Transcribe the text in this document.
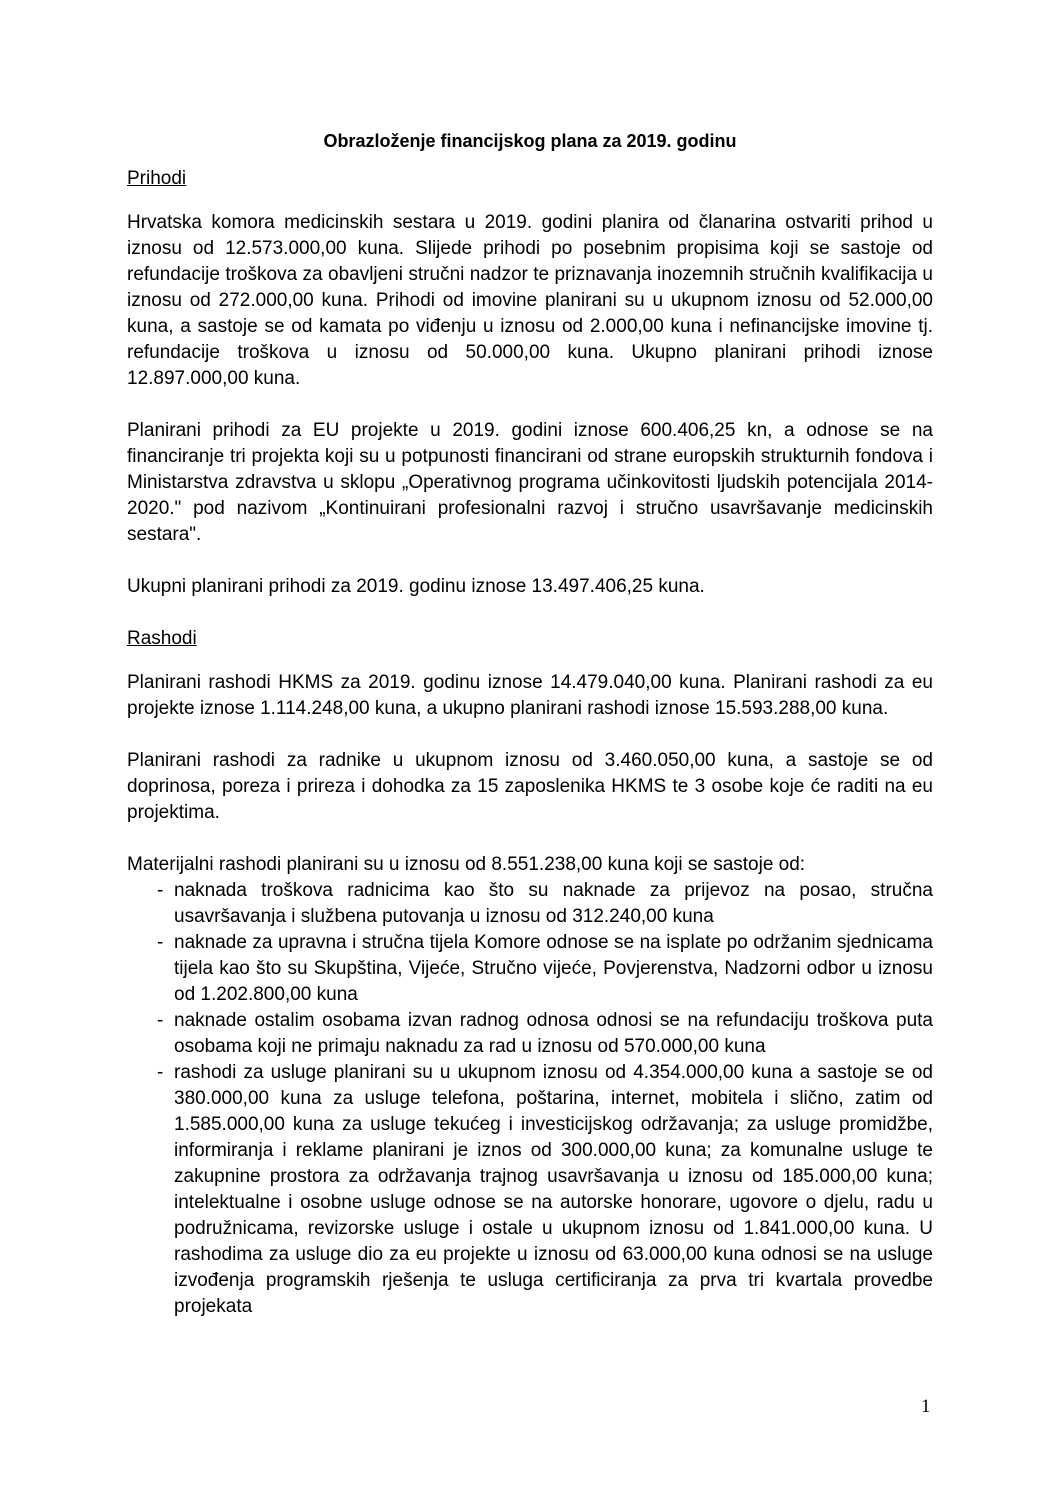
Obrazloženje financijskog plana za 2019. godinu
Prihodi

Hrvatska komora medicinskih sestara u 2019. godini planira od članarina ostvariti prihod u iznosu od 12.573.000,00 kuna. Slijede prihodi po posebnim propisima koji se sastoje od refundacije troškova za obavljeni stručni nadzor te priznavanja inozemnih stručnih kvalifikacija u iznosu od 272.000,00 kuna. Prihodi od imovine planirani su u ukupnom iznosu od 52.000,00 kuna, a sastoje se od kamata po viđenju u iznosu od 2.000,00 kuna i nefinancijske imovine tj. refundacije troškova u iznosu od 50.000,00 kuna. Ukupno planirani prihodi iznose 12.897.000,00 kuna.

Planirani prihodi za EU projekte u 2019. godini iznose 600.406,25 kn, a odnose se na financiranje tri projekta koji su u potpunosti financirani od strane europskih strukturnih fondova i Ministarstva zdravstva u sklopu „Operativnog programa učinkovitosti ljudskih potencijala 2014- 2020." pod nazivom „Kontinuirani profesionalni razvoj i stručno usavršavanje medicinskih sestara".

Ukupni planirani prihodi za 2019. godinu iznose 13.497.406,25 kuna.

Rashodi

Planirani rashodi HKMS za 2019. godinu iznose 14.479.040,00 kuna. Planirani rashodi za eu projekte iznose 1.114.248,00 kuna, a ukupno planirani rashodi iznose 15.593.288,00 kuna.

Planirani rashodi za radnike u ukupnom iznosu od 3.460.050,00 kuna, a sastoje se od doprinosa, poreza i prireza i dohodka za 15 zaposlenika HKMS te 3 osobe koje će raditi na eu projektima.

Materijalni rashodi planirani su u iznosu od 8.551.238,00 kuna koji se sastoje od:

- naknada troškova radnicima kao što su naknade za prijevoz na posao, stručna usavršavanja i službena putovanja u iznosu od 312.240,00 kuna
- naknade za upravna i stručna tijela Komore odnose se na isplate po održanim sjednicama tijela kao što su Skupština, Vijeće, Stručno vijeće, Povjerenstva, Nadzorni odbor u iznosu od 1.202.800,00 kuna
- naknade ostalim osobama izvan radnog odnosa odnosi se na refundaciju troškova puta osobama koji ne primaju naknadu za rad u iznosu od 570.000,00 kuna
- rashodi za usluge planirani su u ukupnom iznosu od 4.354.000,00 kuna a sastoje se od 380.000,00 kuna za usluge telefona, poštarina, internet, mobitela i slično, zatim od 1.585.000,00 kuna za usluge tekućeg i investicijskog održavanja; za usluge promidžbe, informiranja i reklame planirani je iznos od 300.000,00 kuna; za komunalne usluge te zakupnine prostora za održavanja trajnog usavršavanja u iznosu od 185.000,00 kuna; intelektualne i osobne usluge odnose se na autorske honorare, ugovore o djelu, radu u podružnicama, revizorske usluge i ostale u ukupnom iznosu od 1.841.000,00 kuna. U rashodima za usluge dio za eu projekte u iznosu od 63.000,00 kuna odnosi se na usluge izvođenja programskih rješenja te usluga certificiranja za prva tri kvartala provedbe projekata
1
